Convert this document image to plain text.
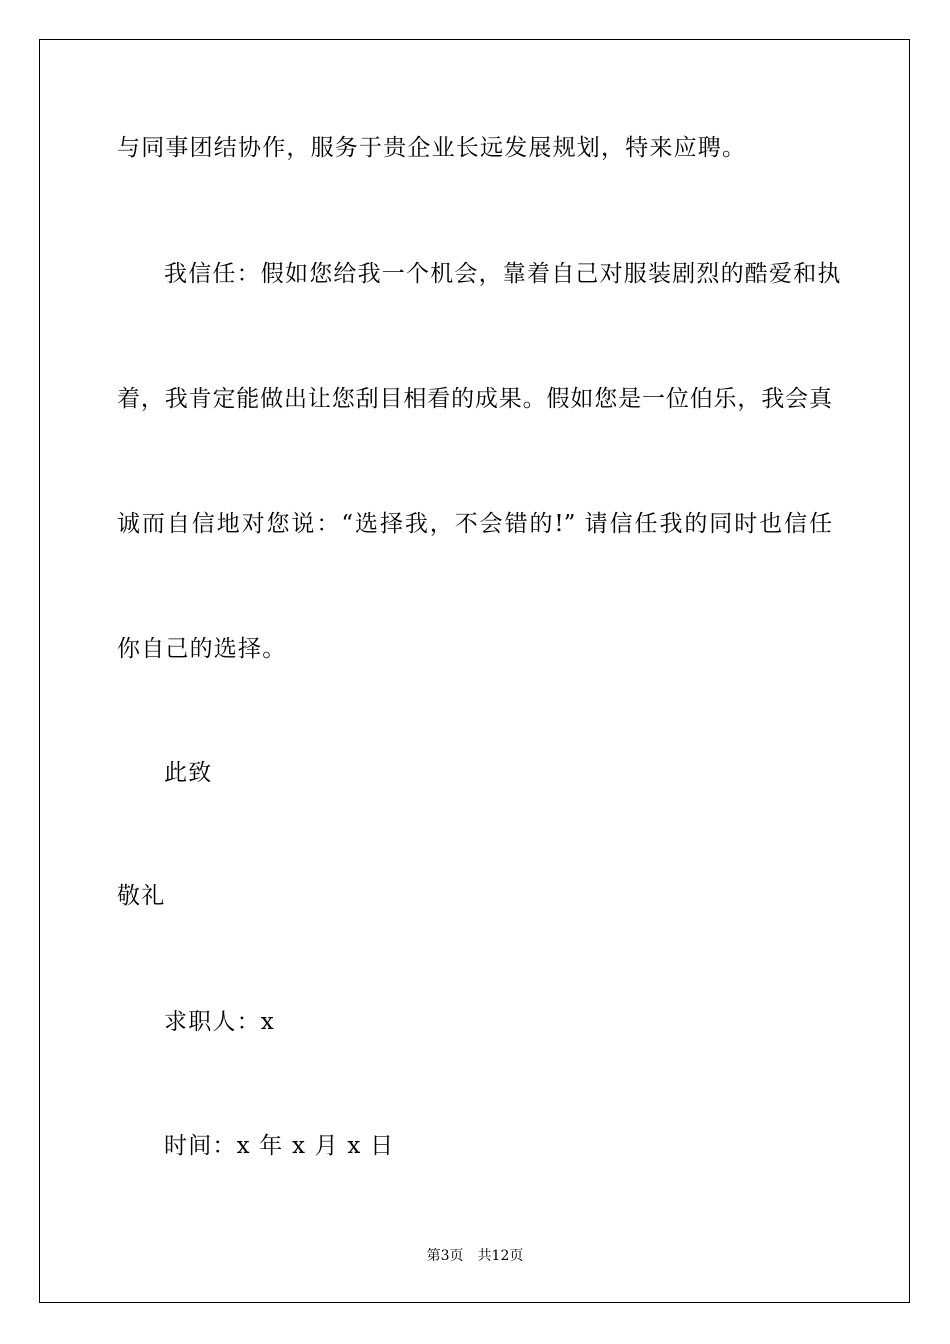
与同事团结协作，服务于贵企业长远发展规划，特来应聘。
我信任：假如您给我一个机会，靠着自己对服装剧烈的酷爱和执
着，我肯定能做出让您刮目相看的成果。假如您是一位伯乐，我会真
诚而自信地对您说：“选择我，不会错的!” 请信任我的同时也信任
你自己的选择。
此致
敬礼
求职人：x
时间：x 年 x 月 x 日
第3页 共12页
